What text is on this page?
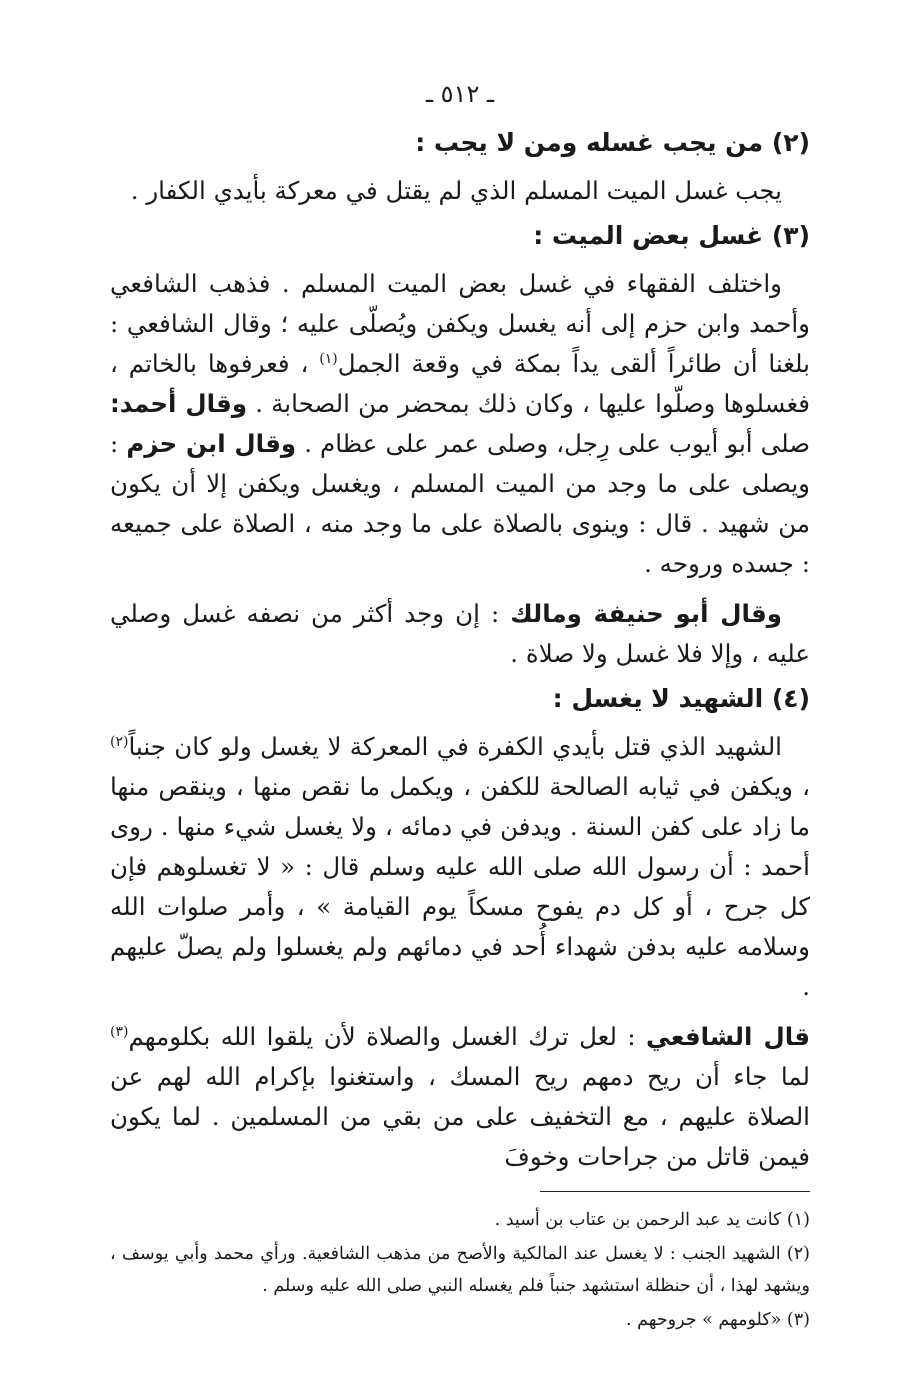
ـ ٥١٢ ـ
(٢) من يجب غسله ومن لا يجب :

يجب غسل الميت المسلم الذي لم يقتل في معركة بأيدي الكفار .

(٣) غسل بعض الميت :

واختلف الفقهاء في غسل بعض الميت المسلم . فذهب الشافعي وأحمد وابن حزم إلى أنه يغسل ويكفن ويُصلّى عليه ؛ وقال الشافعي : بلغنا أن طائراً ألقى يداً بمكة في وقعة الجمل$^{(١)}$ ، فعرفوها بالخاتم ، فغسلوها وصلّوا عليها ، وكان ذلك بمحضر من الصحابة . وقال أحمد: صلى أبو أيوب على رِجل، وصلى عمر على عظام . وقال ابن حزم : ويصلى على ما وجد من الميت المسلم ، ويغسل ويكفن إلا أن يكون من شهيد . قال : وينوى بالصلاة على ما وجد منه ، الصلاة على جميعه : جسده وروحه .

وقال أبو حنيفة ومالك : إن وجد أكثر من نصفه غسل وصلي عليه ، وإلا فلا غسل ولا صلاة .

(٤) الشهيد لا يغسل :

الشهيد الذي قتل بأيدي الكفرة في المعركة لا يغسل ولو كان جنباً$^{(٢)}$ ، ويكفن في ثيابه الصالحة للكفن ، ويكمل ما نقص منها ، وينقص منها ما زاد على كفن السنة . ويدفن في دمائه ، ولا يغسل شيء منها . روى أحمد : أن رسول الله صلى الله عليه وسلم قال : « لا تغسلوهم فإن كل جرح ، أو كل دم يفوح مسكاً يوم القيامة » ، وأمر صلوات الله وسلامه عليه بدفن شهداء أُحد في دمائهم ولم يغسلوا ولم يصلّ عليهم .

قال الشافعي : لعل ترك الغسل والصلاة لأن يلقوا الله بكلومهم$^{(٣)}$ لما جاء أن ريح دمهم ريح المسك ، واستغنوا بإكرام الله لهم عن الصلاة عليهم ، مع التخفيف على من بقي من المسلمين . لما يكون فيمن قاتل من جراحات وخوفَ

(١) كانت يد عبد الرحمن بن عتاب بن أسيد .

(٢) الشهيد الجنب : لا يغسل عند المالكية والأصح من مذهب الشافعية. ورأي محمد وأبي يوسف ، ويشهد لهذا ، أن حنظلة استشهد جنباً فلم يغسله النبي صلى الله عليه وسلم .

(٣) «كلومهم » جروحهم .
